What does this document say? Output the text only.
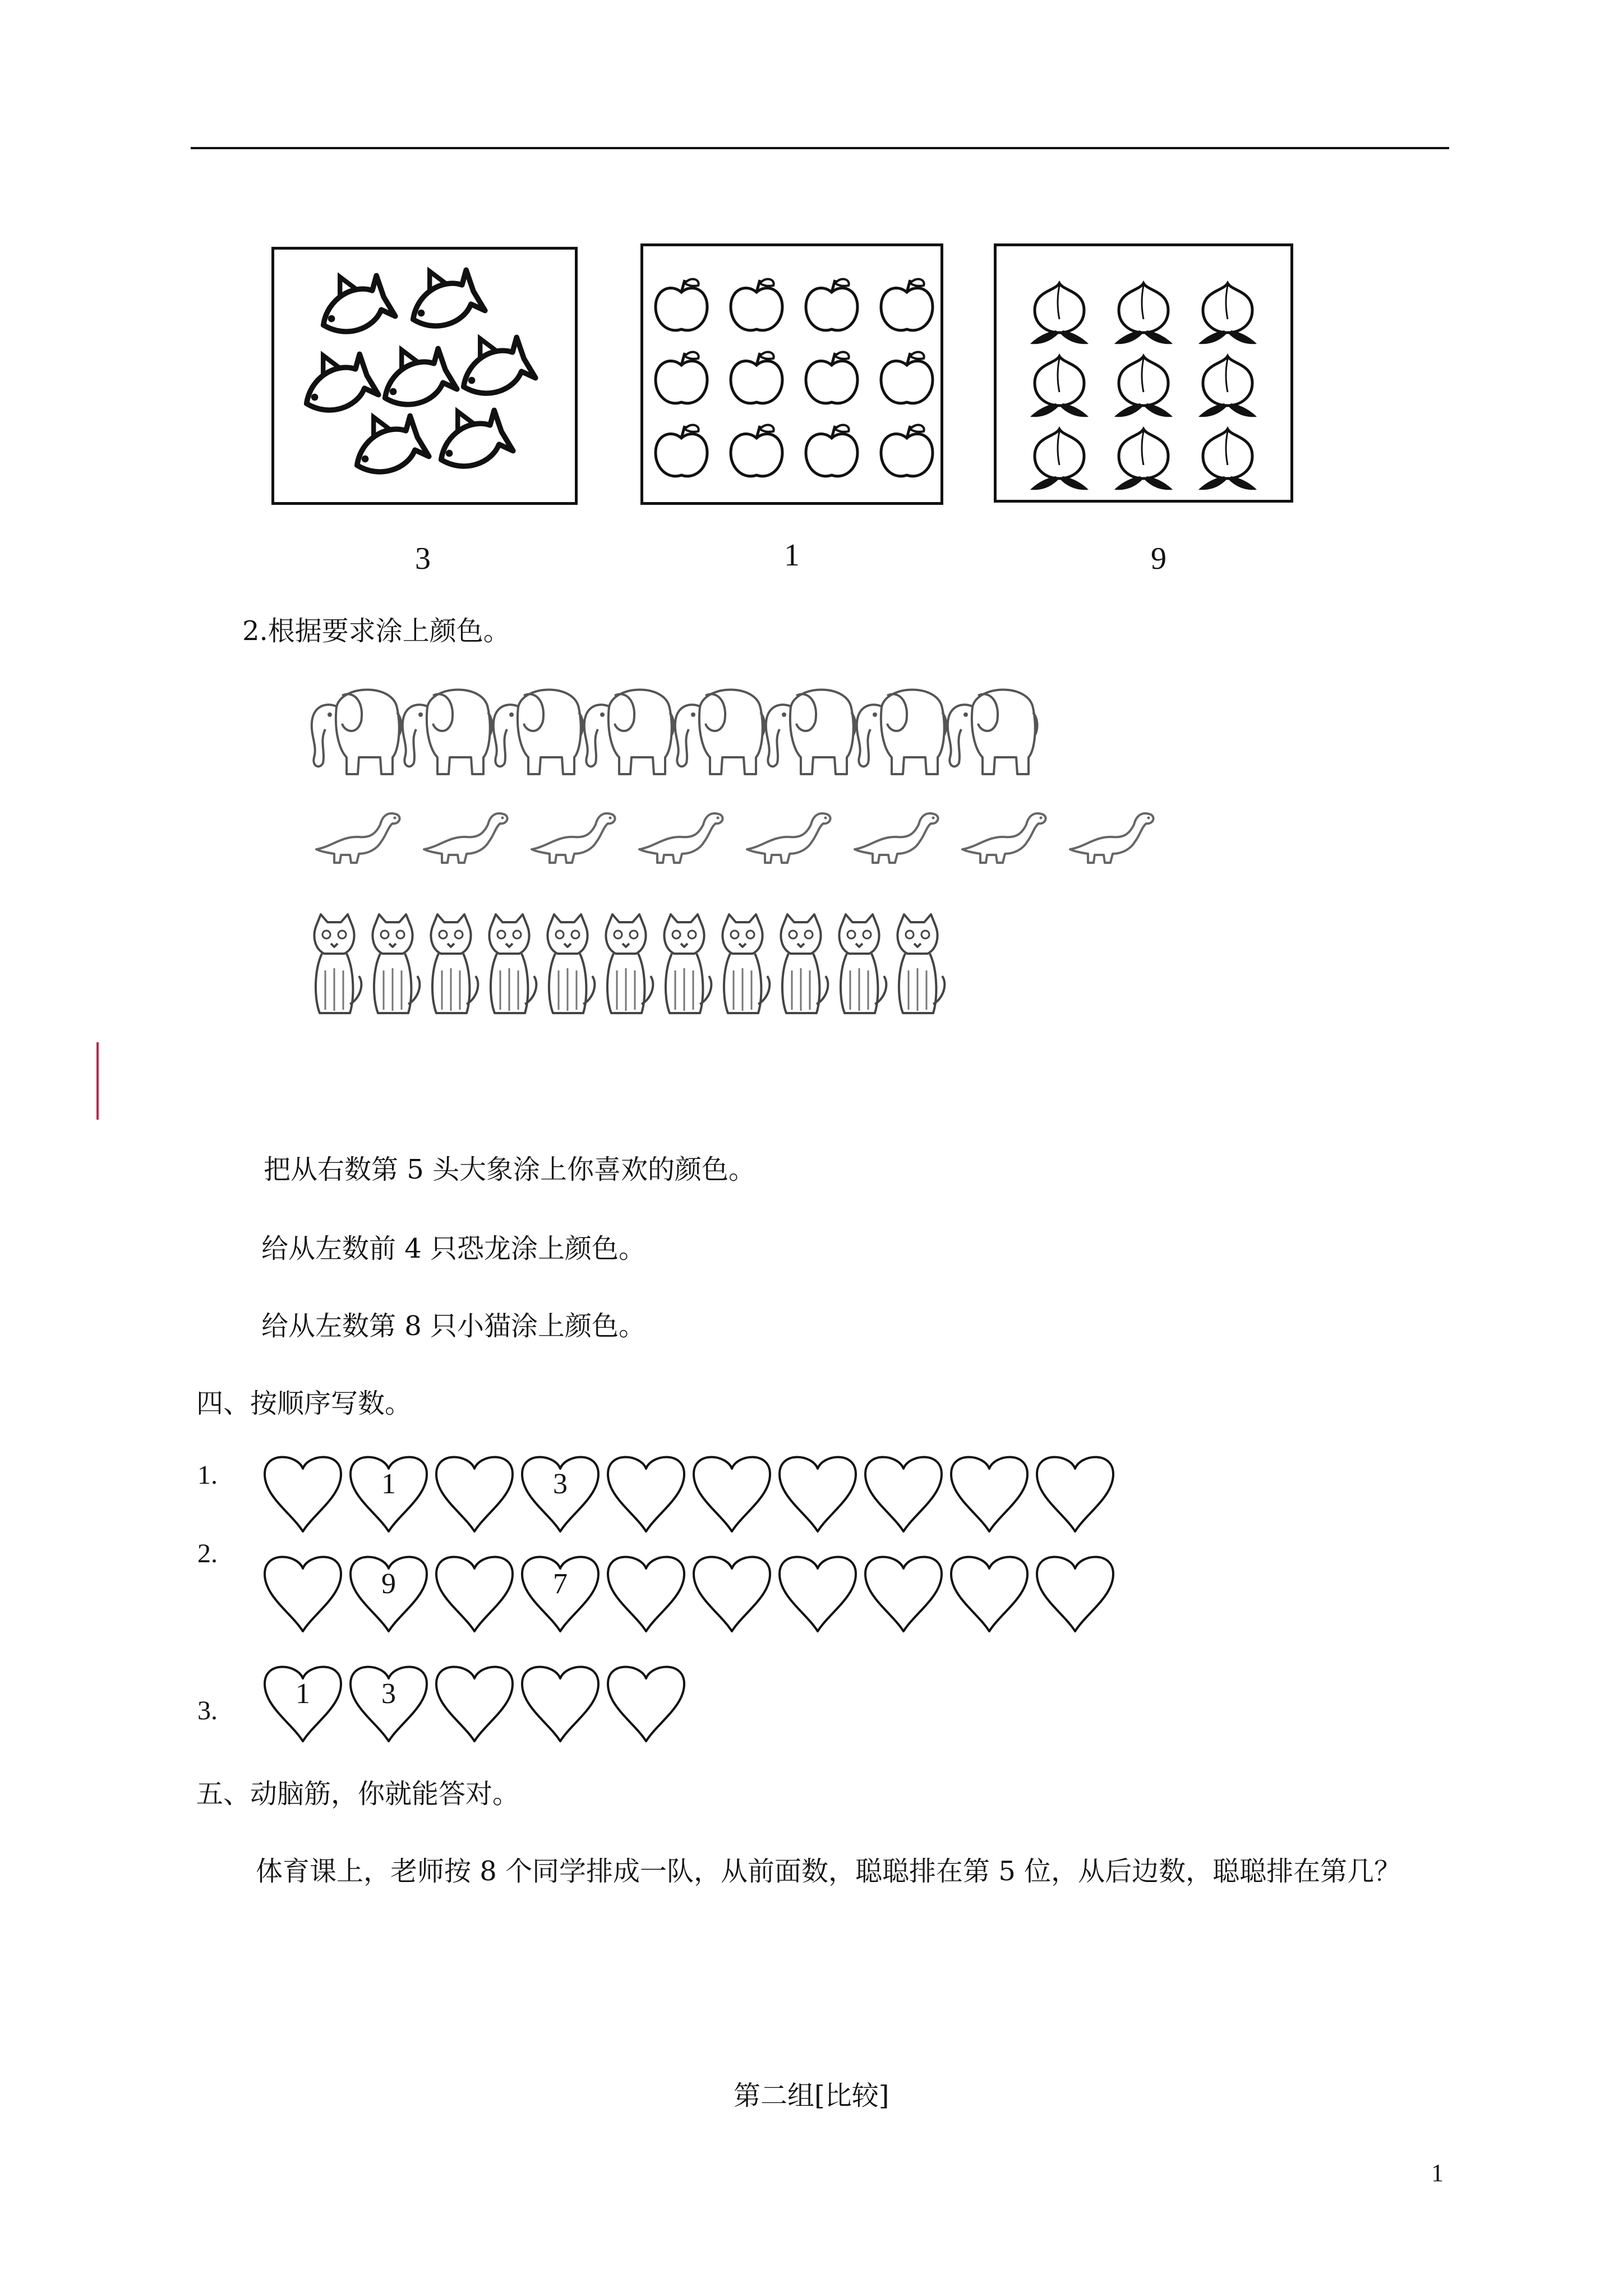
3	1	9
2.根据要求涂上颜色。
把从右数第 5 头大象涂上你喜欢的颜色。
给从左数前 4 只恐龙涂上颜色。
给从左数第 8 只小猫涂上颜色。
四、按顺序写数。
1.
2.
3.
1	3
9	7
1 3
五、动脑筋，你就能答对。
体育课上，老师按 8 个同学排成一队，从前面数，聪聪排在第 5 位，从后边数，聪聪排在第几？
第二组[比较]
1
